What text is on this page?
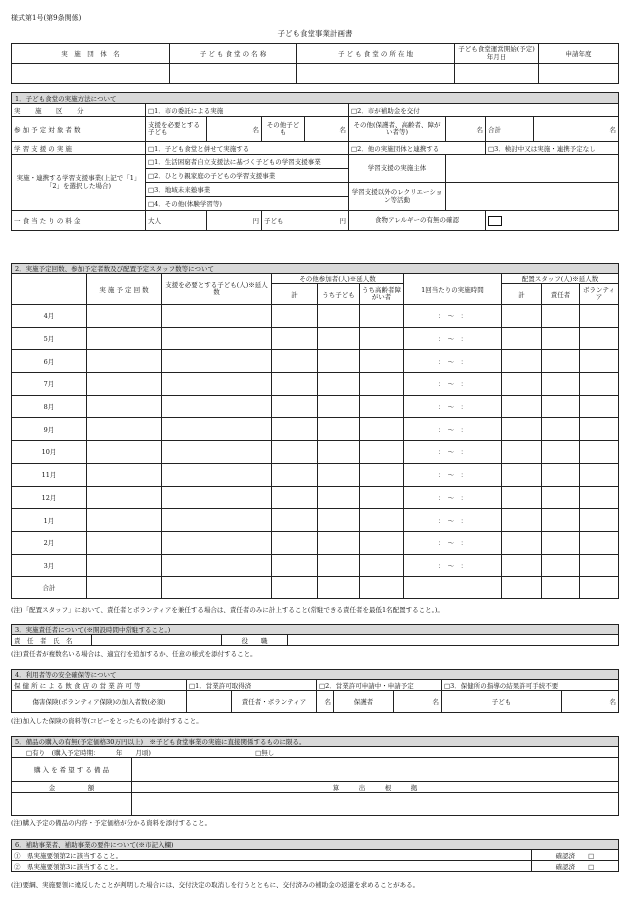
様式第1号(第9条関係)
子ども食堂事業計画書
実　施　団　体　名	子 ど も 食 堂 の 名 称	子 ど も 食 堂 の 所 在 地	子ども食堂運営開始(予定)年月日	申請年度

1．子ども食堂の実施方法について								
実　施　区　分	□1．市の委託による実施				□2．市が補助金を交付			
参 加 予 定 対 象 者 数	支援を必要とする子ども	名	その他子ども	名	その他(保護者、高齢者、障がい者等)	名	合計	名
学 習 支 援 の 実 施	□1．子ども食堂と併せて実施する				□2．他の実施団体と連携する		□3．検討中又は実施・連携予定なし	
実施・連携する学習支援事業(上記で「1」「2」を選択した場合)	□1．生活困窮者自立支援法に基づく子どもの学習支援事業				学習支援の実施主体			
	□2．ひとり親家庭の子どもの学習支援事業							
	□3．地域未来塾事業				学習支援以外のレクリエーション等活動			
	□4．その他(体験学習等)							
一 食 当 た り の 料 金	大人	円	子ども	円	食物アレルギーの有無の確認			
2．実施予定回数、参加予定者数及び配置予定スタッフ数等について									
	実 施 予 定 回 数	支援を必要とする子ども(人)※延人数	その他参加者(人)※延人数			1回当たりの実施時間	配置スタッフ(人)※延人数		
			計	うち子ども	うち高齢者障がい者		計	責任者	ボランティア
4月						：　～　：			
5月						：　～　：			
6月						：　～　：			
7月						：　～　：			
8月						：　～　：			
9月						：　～　：			
10月						：　～　：			
11月						：　～　：			
12月						：　～　：			
1月						：　～　：			
2月						：　～　：			
3月						：　～　：			
合計									
(注)「配置スタッフ」において、責任者とボランティアを兼任する場合は、責任者のみに計上すること(常駐できる責任者を最低1名配置すること。)。
3．実施責任者について(※開設時間中常駐すること。)
責　任　者　氏　名		役　　職	
(注)責任者が複数名いる場合は、適宜行を追加するか、任意の様式を添付すること。
4．利用者等の安全確保等について							
保 健 所 に よ る 飲 食 店 の 営 業 許 可 等	□1．営業許可取得済		□2．営業許可申請中・申請予定			□3．保健所の指導の結果許可手続不要	
傷害保険(ボランティア保険)の加入者数(必須)		責任者・ボランティア	名	保護者	名	子ども	名
(注)加入した保険の資料等(コピーをとったもの)を添付すること。
5．備品の購入の有無(予定価格30万円以上)　※子ども食堂事業の実施に直接関係するものに限る。	
□有り　(購入予定時期：　　　年　　月頃) □無し	
購 入 を 希 望 す る 備 品	
金　　　　　額	算　　　出　　　根　　　拠

(注)購入予定の備品の内容・予定価格が分かる資料を添付すること。
6．補助事業者、補助事業の要件について(※市記入欄)	
①　県実施要領第2に該当すること。	確認済　　□
②　県実施要領第3に該当すること。	確認済　　□
(注)要綱、実施要領に違反したことが判明した場合には、交付決定の取消しを行うとともに、交付済みの補助金の返還を求めることがある。
